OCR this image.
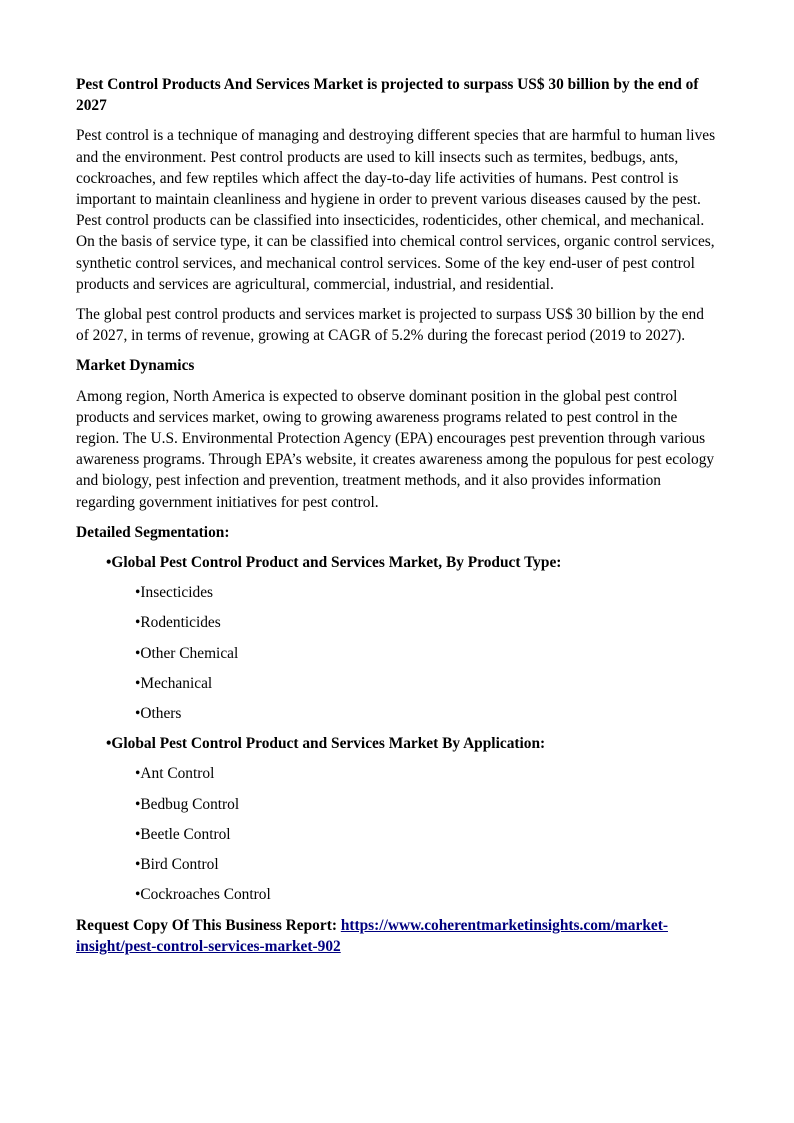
Pest Control Products And Services Market is projected to surpass US$ 30 billion by the end of 2027

Pest control is a technique of managing and destroying different species that are harmful to human lives and the environment. Pest control products are used to kill insects such as termites, bedbugs, ants, cockroaches, and few reptiles which affect the day-to-day life activities of humans. Pest control is important to maintain cleanliness and hygiene in order to prevent various diseases caused by the pest. Pest control products can be classified into insecticides, rodenticides, other chemical, and mechanical. On the basis of service type, it can be classified into chemical control services, organic control services, synthetic control services, and mechanical control services. Some of the key end-user of pest control products and services are agricultural, commercial, industrial, and residential.

The global pest control products and services market is projected to surpass US$ 30 billion by the end of 2027, in terms of revenue, growing at CAGR of 5.2% during the forecast period (2019 to 2027).

Market Dynamics

Among region, North America is expected to observe dominant position in the global pest control products and services market, owing to growing awareness programs related to pest control in the region. The U.S. Environmental Protection Agency (EPA) encourages pest prevention through various awareness programs. Through EPA’s website, it creates awareness among the populous for pest ecology and biology, pest infection and prevention, treatment methods, and it also provides information regarding government initiatives for pest control.

Detailed Segmentation:
•Global Pest Control Product and Services Market, By Product Type:
•Insecticides
•Rodenticides
•Other Chemical
•Mechanical
•Others
•Global Pest Control Product and Services Market By Application:
•Ant Control
•Bedbug Control
•Beetle Control
•Bird Control
•Cockroaches Control
Request Copy Of This Business Report: https://www.coherentmarketinsights.com/market-insight/pest-control-services-market-902
